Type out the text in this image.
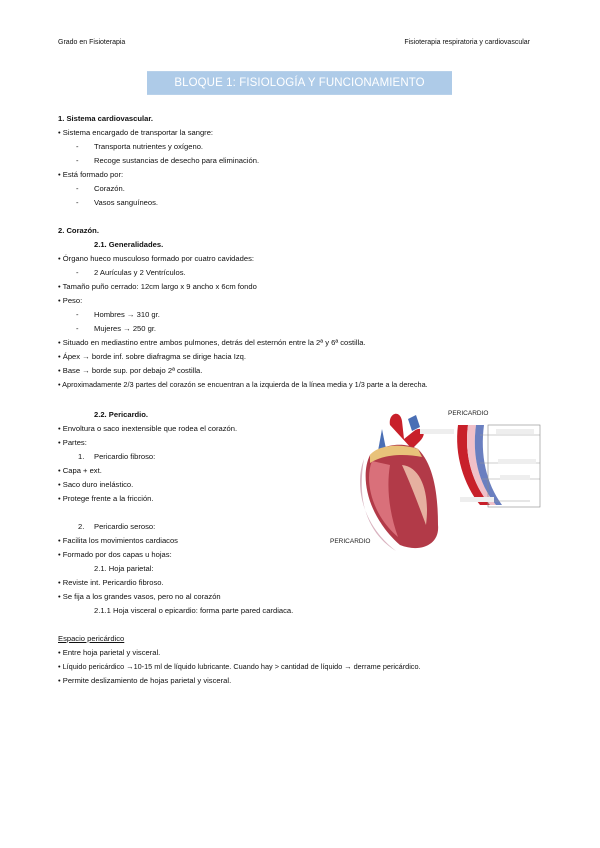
Grado en Fisioterapia	Fisioterapia respiratoria y cardiovascular
BLOQUE 1: FISIOLOGÍA Y FUNCIONAMIENTO CARDÍACO
1. Sistema cardiovascular.
• Sistema encargado de transportar la sangre:
- Transporta nutrientes y oxígeno.
- Recoge sustancias de desecho para eliminación.
• Está formado por:
- Corazón.
- Vasos sanguíneos.
2. Corazón.
2.1. Generalidades.
• Órgano hueco musculoso formado por cuatro cavidades:
- 2 Aurículas y 2 Ventrículos.
• Tamaño puño cerrado: 12cm largo x 9 ancho x 6cm fondo
• Peso:
- Hombres → 310 gr.
- Mujeres → 250 gr.
• Situado en mediastino entre ambos pulmones, detrás del esternón entre la 2ª y 6ª costilla.
• Ápex → borde inf. sobre diafragma se dirige hacia Izq.
• Base → borde sup. por debajo 2ª costilla.
• Aproximadamente 2/3 partes del corazón se encuentran a la izquierda de la línea media y 1/3 parte a la derecha.
2.2. Pericardio.
• Envoltura o saco inextensible que rodea el corazón.
• Partes:
1. Pericardio fibroso:
• Capa + ext.
• Saco duro inelástico.
• Protege frente a la fricción.
2. Pericardio seroso:
• Facilita los movimientos cardiacos
• Formado por dos capas u hojas:
2.1. Hoja parietal:
• Reviste int. Pericardio fibroso.
• Se fija a los grandes vasos, pero no al corazón
2.1.1 Hoja visceral o epicardio: forma parte pared cardiaca.
Espacio pericárdico
• Entre hoja parietal y visceral.
• Líquido pericárdico →10-15 ml de líquido lubricante. Cuando hay > cantidad de líquido → derrame pericárdico.
• Permite deslizamiento de hojas parietal y visceral.
PERICARDIO
PERICARDIO
